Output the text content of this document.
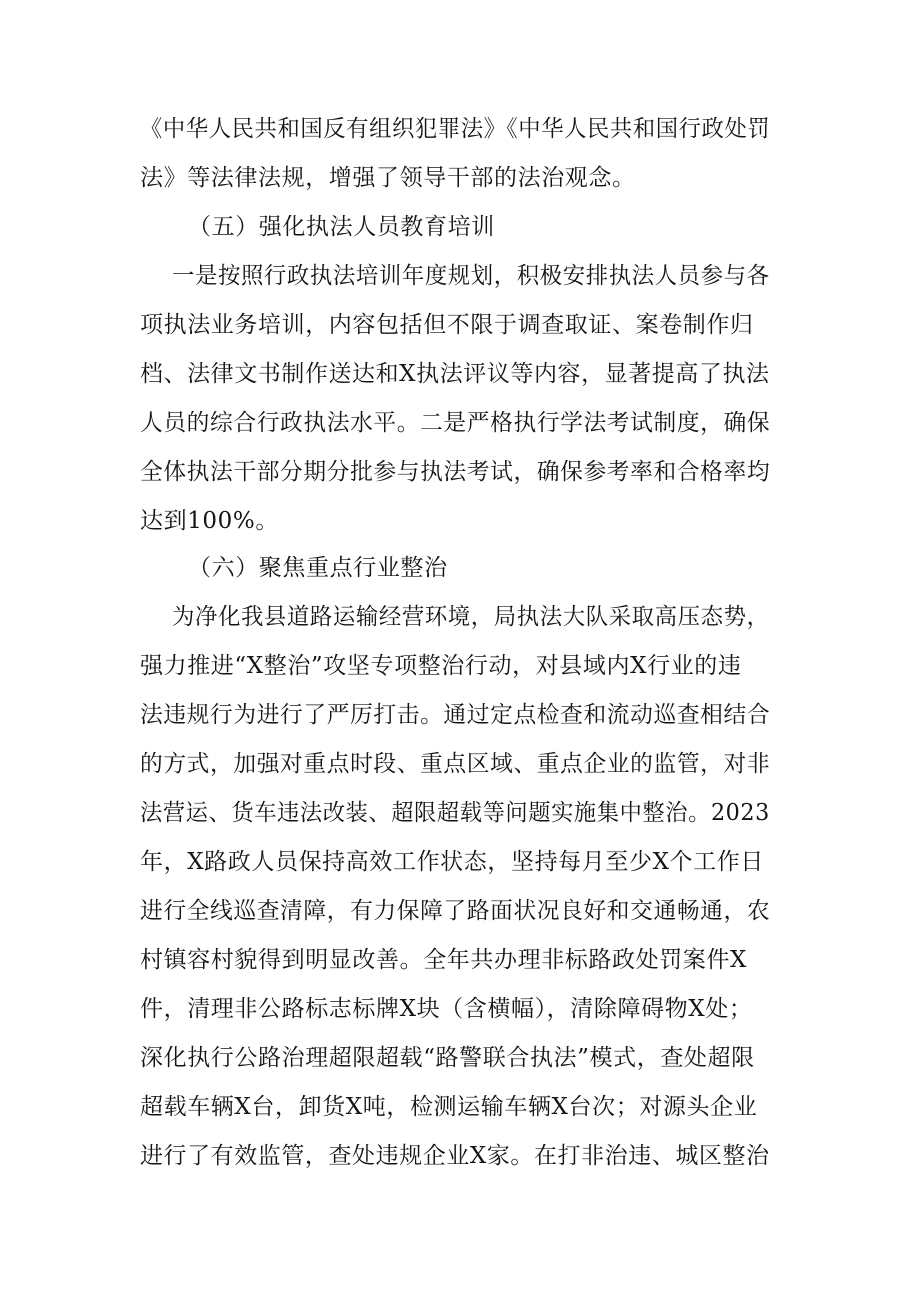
《中华人民共和国反有组织犯罪法》《中华人民共和国行政处罚
法》等法律法规，增强了领导干部的法治观念。
（五）强化执法人员教育培训
一是按照行政执法培训年度规划，积极安排执法人员参与各
项执法业务培训，内容包括但不限于调查取证、案卷制作归
档、法律文书制作送达和X执法评议等内容，显著提高了执法
人员的综合行政执法水平。二是严格执行学法考试制度，确保
全体执法干部分期分批参与执法考试，确保参考率和合格率均
达到100%。
（六）聚焦重点行业整治
为净化我县道路运输经营环境，局执法大队采取高压态势，
强力推进“X整治”攻坚专项整治行动，对县域内X行业的违
法违规行为进行了严厉打击。通过定点检查和流动巡查相结合
的方式，加强对重点时段、重点区域、重点企业的监管，对非
法营运、货车违法改装、超限超载等问题实施集中整治。2023
年，X路政人员保持高效工作状态，坚持每月至少X个工作日
进行全线巡查清障，有力保障了路面状况良好和交通畅通，农
村镇容村貌得到明显改善。全年共办理非标路政处罚案件X
件，清理非公路标志标牌X块（含横幅），清除障碍物X处；
深化执行公路治理超限超载“路警联合执法”模式，查处超限
超载车辆X台，卸货X吨，检测运输车辆X台次；对源头企业
进行了有效监管，查处违规企业X家。在打非治违、城区整治
